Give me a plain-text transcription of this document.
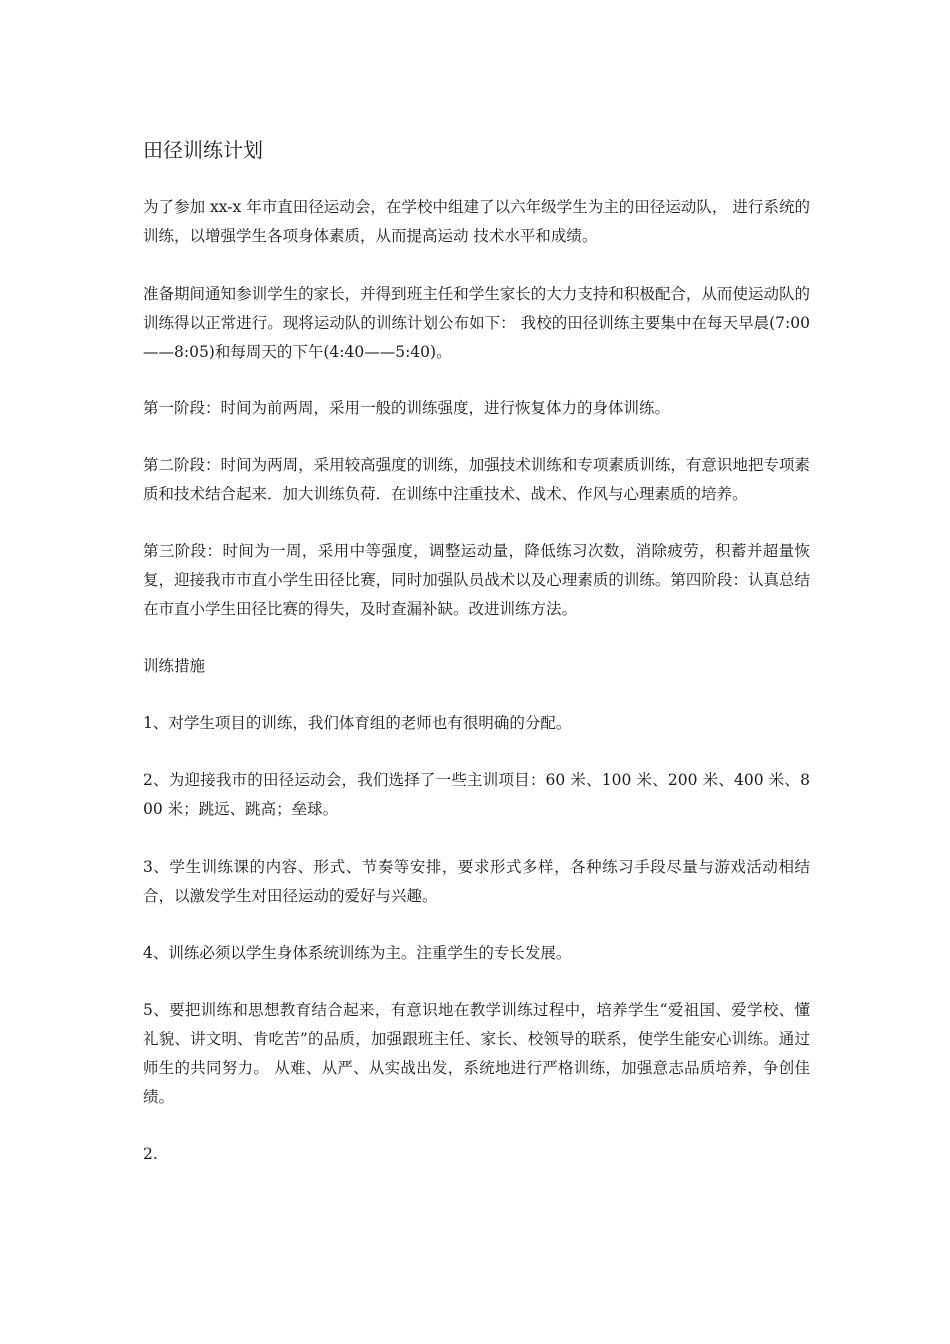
田径训练计划

为了参加 xx-x 年市直田径运动会，在学校中组建了以六年级学生为主的田径运动队， 进行系统的训练，以增强学生各项身体素质，从而提高运动 技术水平和成绩。

准备期间通知参训学生的家长，并得到班主任和学生家长的大力支持和积极配合，从而使运动队的训练得以正常进行。现将运动队的训练计划公布如下： 我校的田径训练主要集中在每天早晨(7:00——8:05)和每周天的下午(4:40——5:40)。

第一阶段：时间为前两周，采用一般的训练强度，进行恢复体力的身体训练。

第二阶段：时间为两周，采用较高强度的训练，加强技术训练和专项素质训练，有意识地把专项素质和技术结合起来．加大训练负荷．在训练中注重技术、战术、作风与心理素质的培养。

第三阶段：时间为一周，采用中等强度，调整运动量，降低练习次数，消除疲劳，积蓄并超量恢复，迎接我市市直小学生田径比赛，同时加强队员战术以及心理素质的训练。第四阶段：认真总结在市直小学生田径比赛的得失，及时查漏补缺。改进训练方法。

训练措施

1、对学生项目的训练，我们体育组的老师也有很明确的分配。

2、为迎接我市的田径运动会，我们选择了一些主训项目：60 米、100 米、200 米、400 米、800 米；跳远、跳高；垒球。

3、学生训练课的内容、形式、节奏等安排，要求形式多样，各种练习手段尽量与游戏活动相结合，以激发学生对田径运动的爱好与兴趣。

4、训练必须以学生身体系统训练为主。注重学生的专长发展。

5、要把训练和思想教育结合起来，有意识地在教学训练过程中，培养学生“爱祖国、爱学校、懂礼貌、讲文明、肯吃苦”的品质，加强跟班主任、家长、校领导的联系，使学生能安心训练。通过师生的共同努力。 从难、从严、从实战出发，系统地进行严格训练，加强意志品质培养，争创佳绩。

2.
